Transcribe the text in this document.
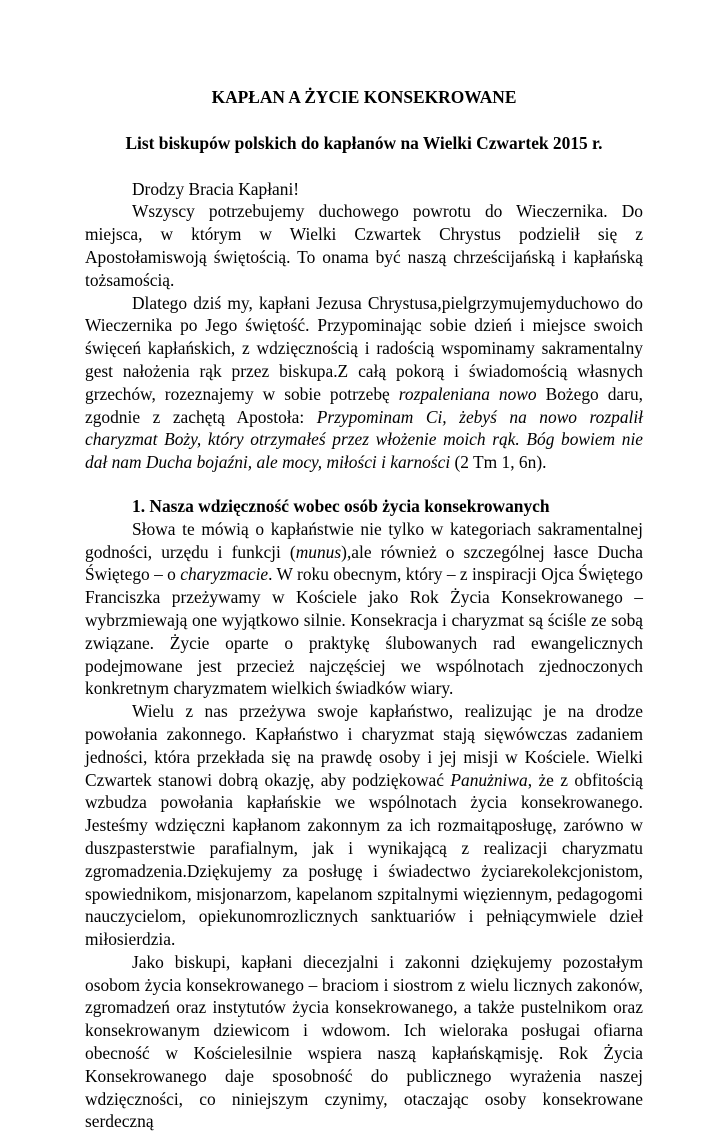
KAPŁAN A ŻYCIE KONSEKROWANE
List biskupów polskich do kapłanów na Wielki Czwartek 2015 r.

Drodzy Bracia Kapłani!

Wszyscy potrzebujemy duchowego powrotu do Wieczernika. Do miejsca, w którym w Wielki Czwartek Chrystus podzielił się z Apostołamiswoją świętością. To onama być naszą chrześcijańską i kapłańską tożsamością.

Dlatego dziś my, kapłani Jezusa Chrystusa,pielgrzymujemyduchowo do Wieczernika po Jego świętość. Przypominając sobie dzień i miejsce swoich święceń kapłańskich, z wdzięcznością i radością wspominamy sakramentalny gest nałożenia rąk przez biskupa.Z całą pokorą i świadomością własnych grzechów, rozeznajemy w sobie potrzebę rozpaleniana nowo Bożego daru, zgodnie z zachętą Apostoła: Przypominam Ci, żebyś na nowo rozpalił charyzmat Boży, który otrzymałeś przez włożenie moich rąk. Bóg bowiem nie dał nam Ducha bojaźni, ale mocy, miłości i karności (2 Tm 1, 6n).

1. Nasza wdzięczność wobec osób życia konsekrowanych

Słowa te mówią o kapłaństwie nie tylko w kategoriach sakramentalnej godności, urzędu i funkcji (munus),ale również o szczególnej łasce Ducha Świętego – o charyzmacie. W roku obecnym, który – z inspiracji Ojca Świętego Franciszka przeżywamy w Kościele jako Rok Życia Konsekrowanego – wybrzmiewają one wyjątkowo silnie. Konsekracja i charyzmat są ściśle ze sobą związane. Życie oparte o praktykę ślubowanych rad ewangelicznych podejmowane jest przecież najczęściej we wspólnotach zjednoczonych konkretnym charyzmatem wielkich świadków wiary.

Wielu z nas przeżywa swoje kapłaństwo, realizując je na drodze powołania zakonnego. Kapłaństwo i charyzmat stają sięwówczas zadaniem jedności, która przekłada się na prawdę osoby i jej misji w Kościele. Wielki Czwartek stanowi dobrą okazję, aby podziękować Panużniwa, że z obfitością wzbudza powołania kapłańskie we wspólnotach życia konsekrowanego. Jesteśmy wdzięczni kapłanom zakonnym za ich rozmaitąposługę, zarówno w duszpasterstwie parafialnym, jak i wynikającą z realizacji charyzmatu zgromadzenia.Dziękujemy za posługę i świadectwo życiarekolekcjonistom, spowiednikom, misjonarzom, kapelanom szpitalnymi więziennym, pedagogomi nauczycielom, opiekunomrozlicznych sanktuariów i pełniącymwiele dzieł miłosierdzia.

Jako biskupi, kapłani diecezjalni i zakonni dziękujemy pozostałym osobom życia konsekrowanego – braciom i siostrom z wielu licznych zakonów, zgromadzeń oraz instytutów życia konsekrowanego, a także pustelnikom oraz konsekrowanym dziewicom i wdowom. Ich wieloraka posługai ofiarna obecność w Kościelesilnie wspiera naszą kapłańskąmisję. Rok Życia Konsekrowanego daje sposobność do publicznego wyrażenia naszej wdzięczności, co niniejszym czynimy, otaczając osoby konsekrowane serdeczną
